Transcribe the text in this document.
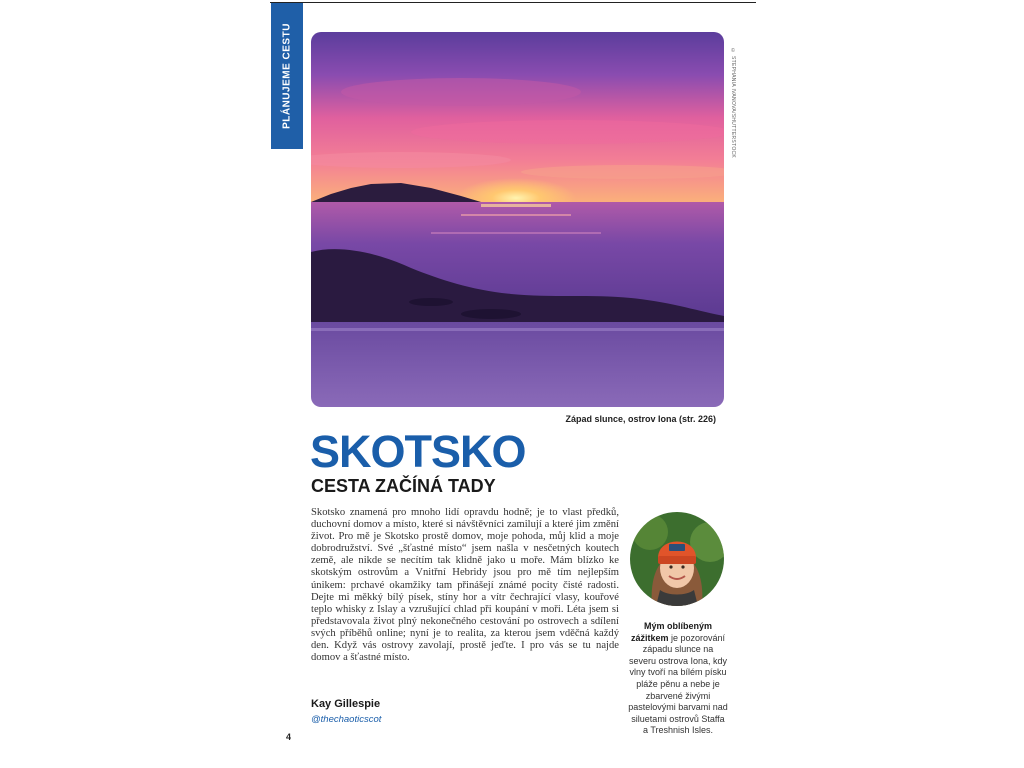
PLÁNUJEME CESTU	© STEPHANIA IVANOVA/SHUTTERSTOCK
Západ slunce, ostrov Iona (str. 226)
SKOTSKO
CESTA ZAČÍNÁ TADY
Skotsko znamená pro mnoho lidí opravdu hodně; je to vlast předků, duchovní domov a místo, které si návštěvníci zamilují a které jim změní život. Pro mě je Skotsko prostě domov, moje pohoda, můj klid a moje dobrodružství. Své „šťastné místo“ jsem našla v nesčetných koutech země, ale nikde se necítím tak klidně jako u moře. Mám blízko ke skotským ostrovům a Vnitřní Hebridy jsou pro mě tím nejlepším únikem: prchavé okamžiky tam přinášejí známé pocity čisté radosti. Dejte mi měkký bílý písek, stíny hor a vítr čechrající vlasy, kouřové teplo whisky z Islay a vzrušující chlad při koupání v moři. Léta jsem si představovala život plný nekonečného cestování po ostrovech a sdílení svých příběhů online; nyní je to realita, za kterou jsem vděčná každý den. Když vás ostrovy zavolají, prostě jeďte. I pro vás se tu najde domov a šťastné místo.
Kay Gillespie
@thechaoticscot
4
Mým oblíbeným zážitkem je pozorování západu slunce na severu ostrova Iona, kdy vlny tvoří na bílém písku pláže pěnu a nebe je zbarvené živými pastelovými barvami nad siluetami ostrovů Staffa a Treshnish Isles.
